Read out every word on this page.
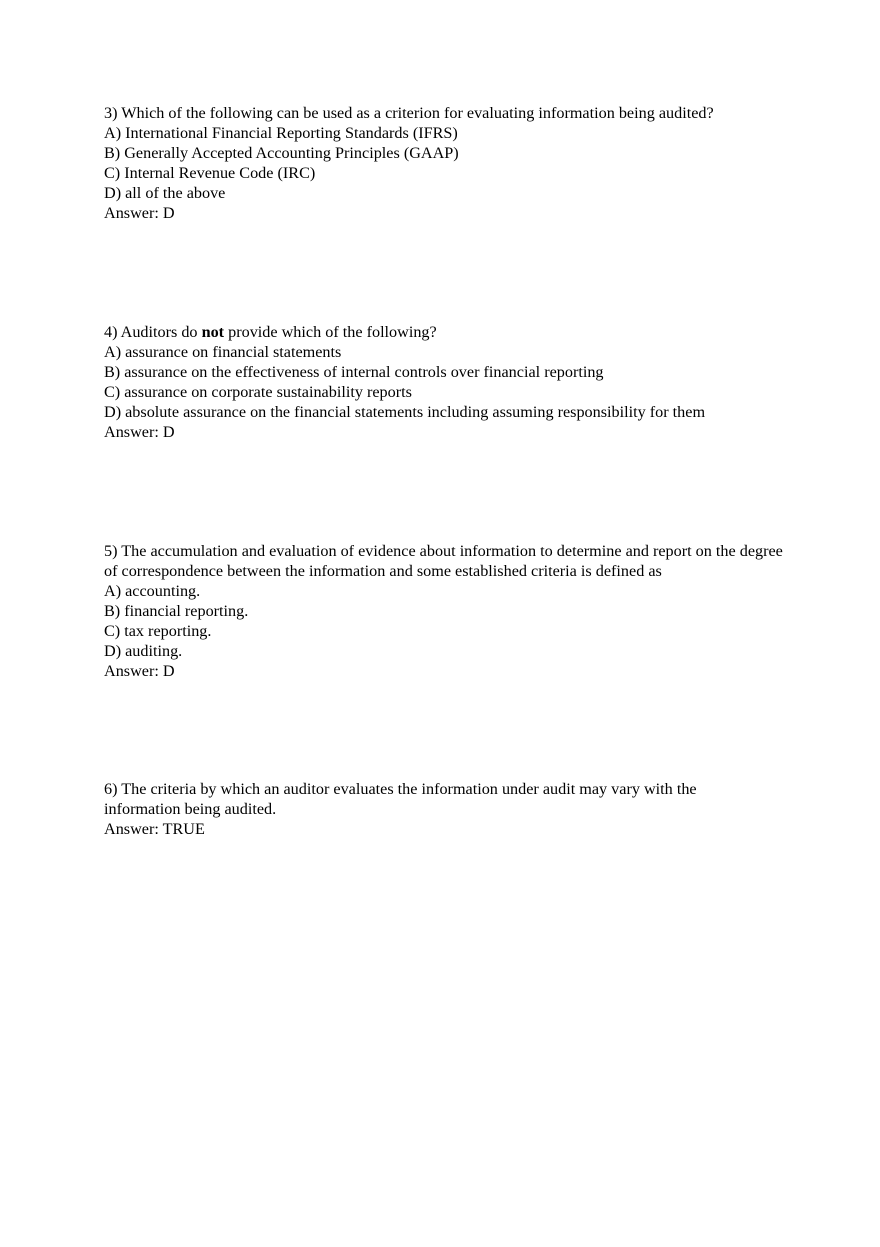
3) Which of the following can be used as a criterion for evaluating information being audited?
A) International Financial Reporting Standards (IFRS)
B) Generally Accepted Accounting Principles (GAAP)
C) Internal Revenue Code (IRC)
D) all of the above
Answer: D
4) Auditors do not provide which of the following?
A) assurance on financial statements
B) assurance on the effectiveness of internal controls over financial reporting
C) assurance on corporate sustainability reports
D) absolute assurance on the financial statements including assuming responsibility for them
Answer: D
5) The accumulation and evaluation of evidence about information to determine and report on the degree of correspondence between the information and some established criteria is defined as
A) accounting.
B) financial reporting.
C) tax reporting.
D) auditing.
Answer: D
6) The criteria by which an auditor evaluates the information under audit may vary with the information being audited.
Answer: TRUE
